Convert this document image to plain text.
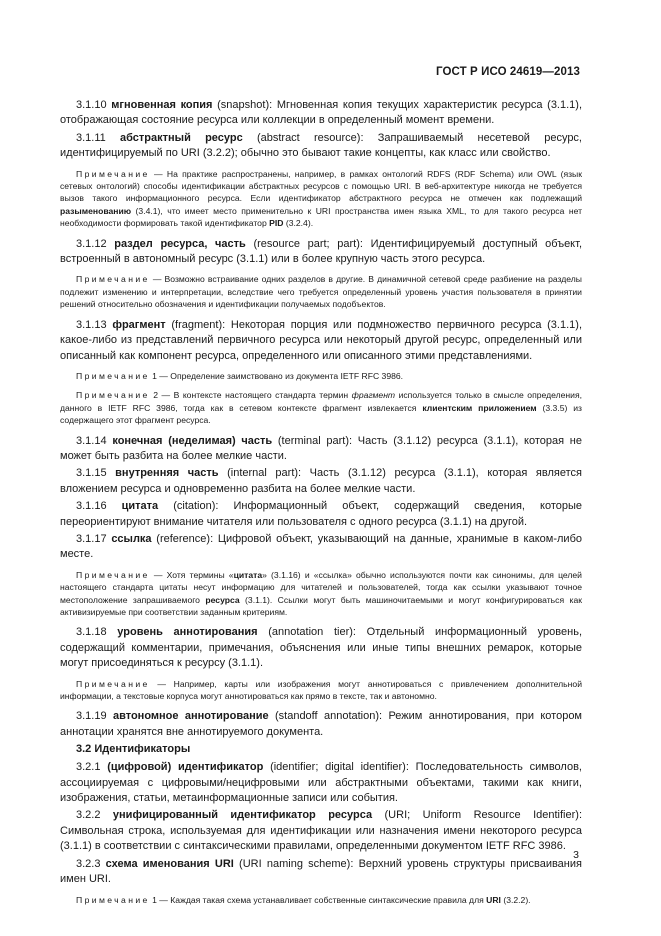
ГОСТ Р ИСО 24619—2013

3.1.10 мгновенная копия (snapshot): Мгновенная копия текущих характеристик ресурса (3.1.1), отображающая состояние ресурса или коллекции в определенный момент времени.

3.1.11 абстрактный ресурс (abstract resource): Запрашиваемый несетевой ресурс, идентифицируемый по URI (3.2.2); обычно это бывают такие концепты, как класс или свойство.

Примечание — На практике распространены, например, в рамках онтологий RDFS (RDF Schema) или OWL (язык сетевых онтологий) способы идентификации абстрактных ресурсов с помощью URI. В веб-архитектуре никогда не требуется вызов такого информационного ресурса. Если идентификатор абстрактного ресурса не отмечен как подлежащий разыменованию (3.4.1), что имеет место применительно к URI пространства имен языка XML, то для такого ресурса нет необходимости формировать такой идентификатор PID (3.2.4).

3.1.12 раздел ресурса, часть (resource part; part): Идентифицируемый доступный объект, встроенный в автономный ресурс (3.1.1) или в более крупную часть этого ресурса.

Примечание — Возможно встраивание одних разделов в другие. В динамичной сетевой среде разбиение на разделы подлежит изменению и интерпретации, вследствие чего требуется определенный уровень участия пользователя в принятии решений относительно обозначения и идентификации получаемых подобъектов.

3.1.13 фрагмент (fragment): Некоторая порция или подмножество первичного ресурса (3.1.1), какое-либо из представлений первичного ресурса или некоторый другой ресурс, определенный или описанный как компонент ресурса, определенного или описанного этими представлениями.

Примечание 1 — Определение заимствовано из документа IETF RFC 3986.

Примечание 2 — В контексте настоящего стандарта термин фрагмент используется только в смысле определения, данного в IETF RFC 3986, тогда как в сетевом контексте фрагмент извлекается клиентским приложением (3.3.5) из содержащего этот фрагмент ресурса.

3.1.14 конечная (неделимая) часть (terminal part): Часть (3.1.12) ресурса (3.1.1), которая не может быть разбита на более мелкие части.

3.1.15 внутренняя часть (internal part): Часть (3.1.12) ресурса (3.1.1), которая является вложением ресурса и одновременно разбита на более мелкие части.

3.1.16 цитата (citation): Информационный объект, содержащий сведения, которые переориентируют внимание читателя или пользователя с одного ресурса (3.1.1) на другой.

3.1.17 ссылка (reference): Цифровой объект, указывающий на данные, хранимые в каком-либо месте.

Примечание — Хотя термины «цитата» (3.1.16) и «ссылка» обычно используются почти как синонимы, для целей настоящего стандарта цитаты несут информацию для читателей и пользователей, тогда как ссылки указывают точное местоположение запрашиваемого ресурса (3.1.1). Ссылки могут быть машиночитаемыми и могут конфигурироваться как активизируемые при соответствии заданным критериям.

3.1.18 уровень аннотирования (annotation tier): Отдельный информационный уровень, содержащий комментарии, примечания, объяснения или иные типы внешних ремарок, которые могут присоединяться к ресурсу (3.1.1).

Примечание — Например, карты или изображения могут аннотироваться с привлечением дополнительной информации, а текстовые корпуса могут аннотироваться как прямо в тексте, так и автономно.

3.1.19 автономное аннотирование (standoff annotation): Режим аннотирования, при котором аннотации хранятся вне аннотируемого документа.

3.2 Идентификаторы

3.2.1 (цифровой) идентификатор (identifier; digital identifier): Последовательность символов, ассоциируемая с цифровыми/нецифровыми или абстрактными объектами, такими как книги, изображения, статьи, метаинформационные записи или события.

3.2.2 унифицированный идентификатор ресурса (URI; Uniform Resource Identifier): Символьная строка, используемая для идентификации или назначения имени некоторого ресурса (3.1.1) в соответствии с синтаксическими правилами, определенными документом IETF RFC 3986.

3.2.3 схема именования URI (URI naming scheme): Верхний уровень структуры присваивания имен URI.

Примечание 1 — Каждая такая схема устанавливает собственные синтаксические правила для URI (3.2.2).

3
